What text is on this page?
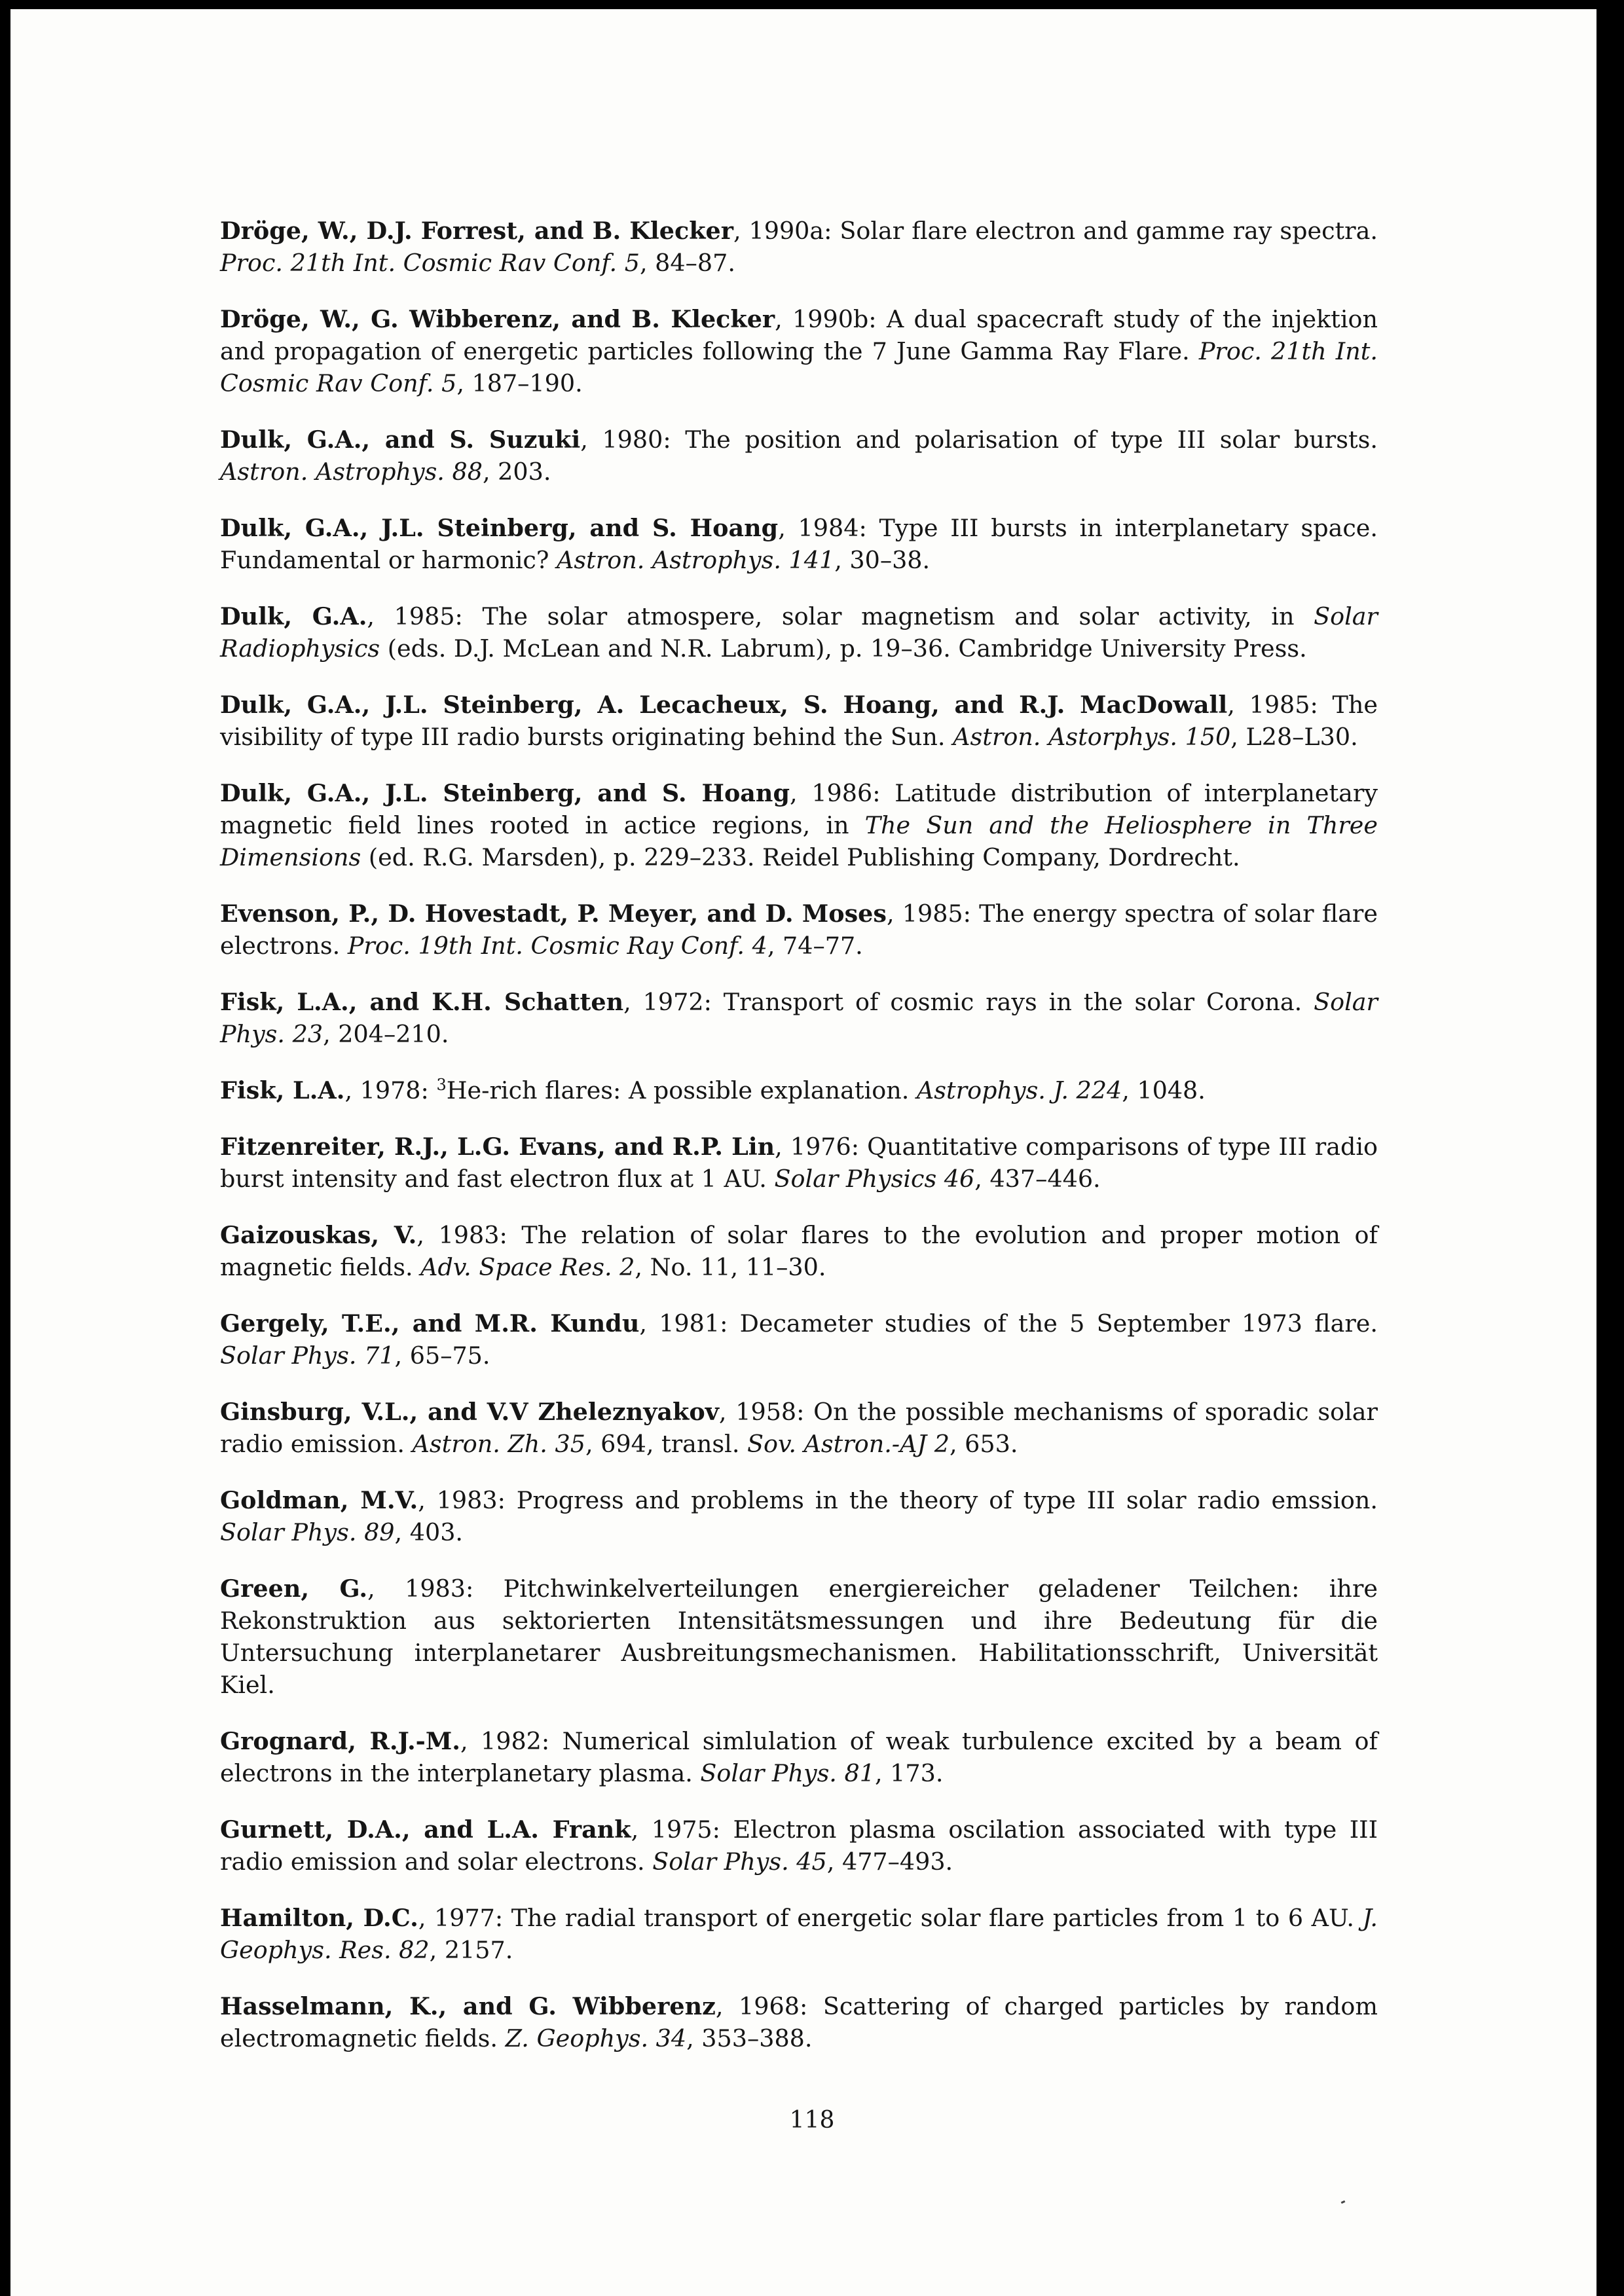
Dröge, W., D.J. Forrest, and B. Klecker, 1990a: Solar flare electron and gamme ray spectra. Proc. 21th Int. Cosmic Rav Conf. 5, 84–87.

Dröge, W., G. Wibberenz, and B. Klecker, 1990b: A dual spacecraft study of the injektion and propagation of energetic particles following the 7 June Gamma Ray Flare. Proc. 21th Int. Cosmic Rav Conf. 5, 187–190.

Dulk, G.A., and S. Suzuki, 1980: The position and polarisation of type III solar bursts. Astron. Astrophys. 88, 203.

Dulk, G.A., J.L. Steinberg, and S. Hoang, 1984: Type III bursts in interplanetary space. Fundamental or harmonic? Astron. Astrophys. 141, 30–38.

Dulk, G.A., 1985: The solar atmospere, solar magnetism and solar activity, in Solar Radiophysics (eds. D.J. McLean and N.R. Labrum), p. 19–36. Cambridge University Press.

Dulk, G.A., J.L. Steinberg, A. Lecacheux, S. Hoang, and R.J. MacDowall, 1985: The visibility of type III radio bursts originating behind the Sun. Astron. Astorphys. 150, L28–L30.

Dulk, G.A., J.L. Steinberg, and S. Hoang, 1986: Latitude distribution of interplanetary magnetic field lines rooted in actice regions, in The Sun and the Heliosphere in Three Dimensions (ed. R.G. Marsden), p. 229–233. Reidel Publishing Company, Dordrecht.

Evenson, P., D. Hovestadt, P. Meyer, and D. Moses, 1985: The energy spectra of solar flare electrons. Proc. 19th Int. Cosmic Ray Conf. 4, 74–77.

Fisk, L.A., and K.H. Schatten, 1972: Transport of cosmic rays in the solar Corona. Solar Phys. 23, 204–210.

Fisk, L.A., 1978: $^3$He-rich flares: A possible explanation. Astrophys. J. 224, 1048.

Fitzenreiter, R.J., L.G. Evans, and R.P. Lin, 1976: Quantitative comparisons of type III radio burst intensity and fast electron flux at 1 AU. Solar Physics 46, 437–446.

Gaizouskas, V., 1983: The relation of solar flares to the evolution and proper motion of magnetic fields. Adv. Space Res. 2, No. 11, 11–30.

Gergely, T.E., and M.R. Kundu, 1981: Decameter studies of the 5 September 1973 flare. Solar Phys. 71, 65–75.

Ginsburg, V.L., and V.V Zheleznyakov, 1958: On the possible mechanisms of sporadic solar radio emission. Astron. Zh. 35, 694, transl. Sov. Astron.-AJ 2, 653.

Goldman, M.V., 1983: Progress and problems in the theory of type III solar radio emssion. Solar Phys. 89, 403.

Green, G., 1983: Pitchwinkelverteilungen energiereicher geladener Teilchen: ihre Rekonstruktion aus sektorierten Intensitätsmessungen und ihre Bedeutung für die Untersuchung interplanetarer Ausbreitungsmechanismen. Habilitationsschrift, Universität Kiel.

Grognard, R.J.-M., 1982: Numerical simlulation of weak turbulence excited by a beam of electrons in the interplanetary plasma. Solar Phys. 81, 173.

Gurnett, D.A., and L.A. Frank, 1975: Electron plasma oscilation associated with type III radio emission and solar electrons. Solar Phys. 45, 477–493.

Hamilton, D.C., 1977: The radial transport of energetic solar flare particles from 1 to 6 AU. J. Geophys. Res. 82, 2157.

Hasselmann, K., and G. Wibberenz, 1968: Scattering of charged particles by random electromagnetic fields. Z. Geophys. 34, 353–388.

118
